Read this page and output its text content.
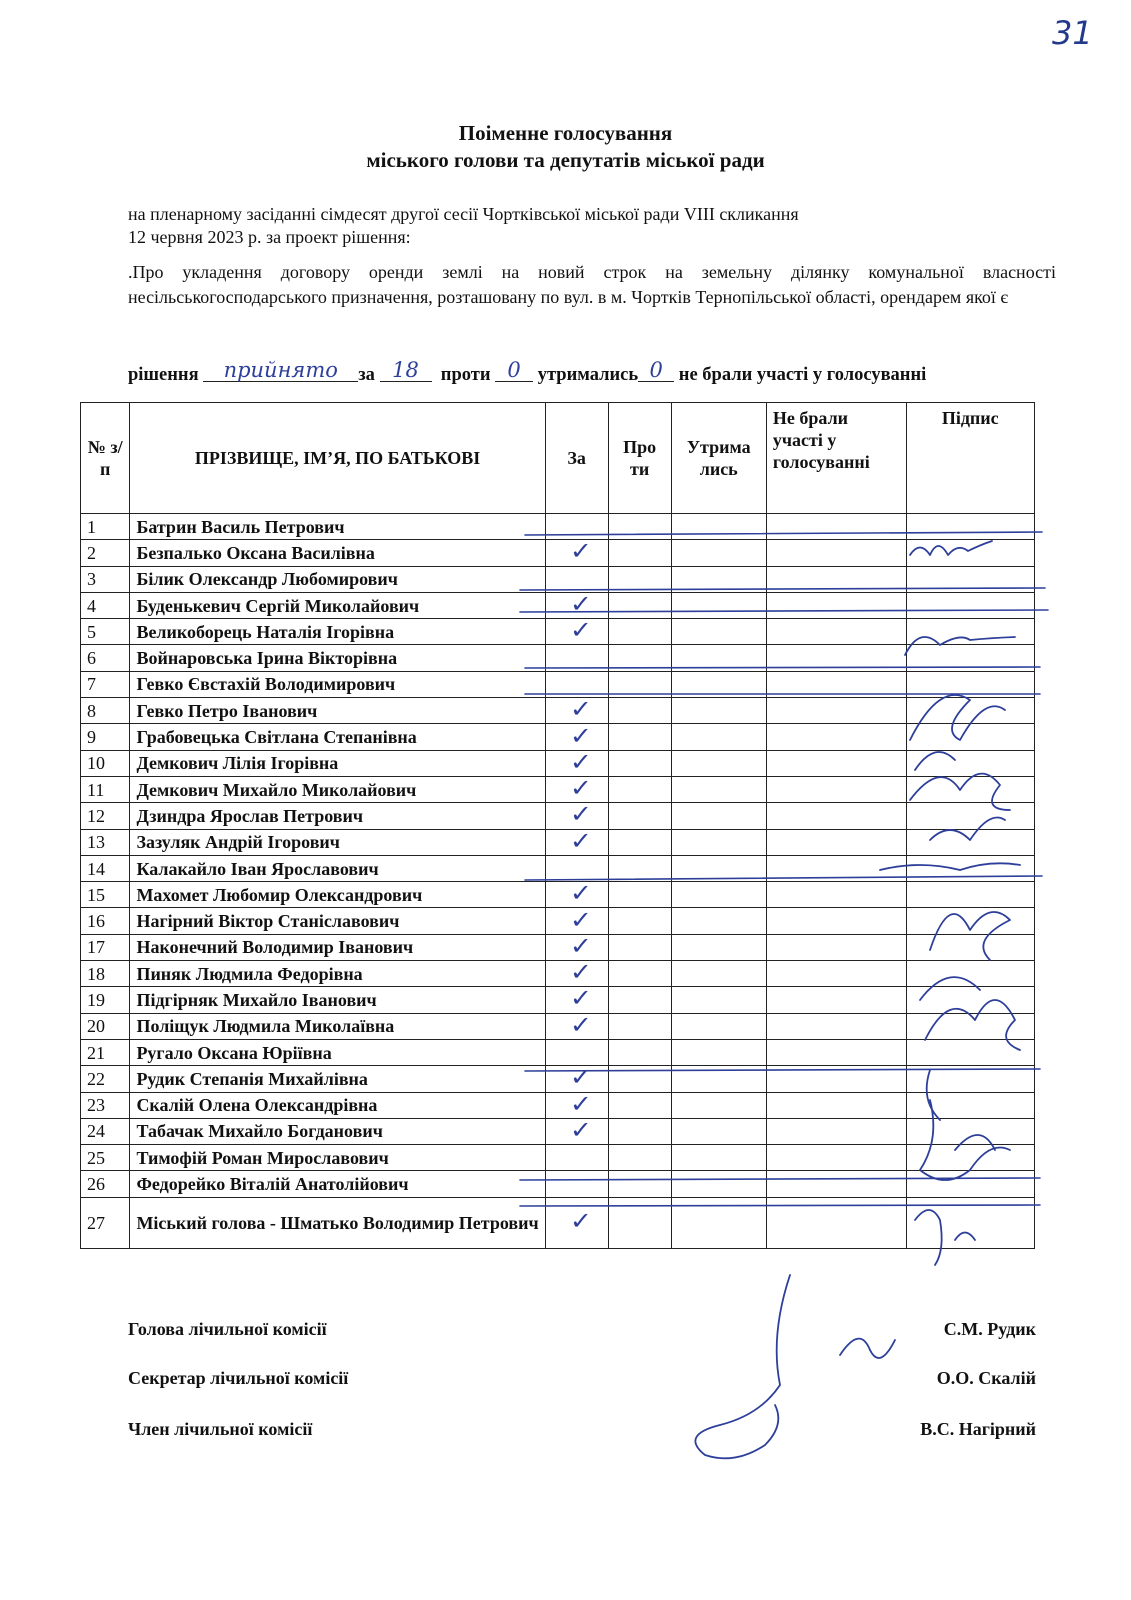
31
Поіменне голосування
міського голови та депутатів міської ради
на пленарному засіданні сімдесят другої сесії Чортківської міської ради VIII скликання
12 червня 2023 р. за проект рішення:
.Про укладення договору оренди землі на новий строк на земельну ділянку комунальної власності несільськогосподарського призначення, розташовану по вул. в м. Чортків Тернопільської області, орендарем якої є
рішення прийнято за 18 проти 0 утримались 0 не брали участі у голосуванні
№ з/п	ПРІЗВИЩЕ, ІМ’Я, ПО БАТЬКОВІ	За	Про ти	Утрима лись	Не брали участі у голосуванні	Підпис
1	Батрин Василь Петрович					
2	Безпалько Оксана Василівна	✓				
3	Білик Олександр Любомирович					
4	Буденькевич Сергій Миколайович	✓				
5	Великоборець Наталія Ігорівна	✓				
6	Войнаровська Ірина Вікторівна					
7	Гевко Євстахій Володимирович					
8	Гевко Петро Іванович	✓				
9	Грабовецька Світлана Степанівна	✓				
10	Демкович Лілія Ігорівна	✓				
11	Демкович Михайло Миколайович	✓				
12	Дзиндра Ярослав Петрович	✓				
13	Зазуляк Андрій Ігорович	✓				
14	Калакайло Іван Ярославович					
15	Махомет Любомир Олександрович	✓				
16	Нагірний Віктор Станіславович	✓				
17	Наконечний Володимир Іванович	✓				
18	Пиняк Людмила Федорівна	✓				
19	Підгірняк Михайло Іванович	✓				
20	Поліщук Людмила Миколаївна	✓				
21	Ругало Оксана Юріївна					
22	Рудик Степанія Михайлівна	✓				
23	Скалій Олена Олександрівна	✓				
24	Табачак Михайло Богданович	✓				
25	Тимофій Роман Мирославович					
26	Федорейко Віталій Анатолійович					
27	Міський голова - Шматько Володимир Петрович	✓				
Голова лічильної комісії	С.М. Рудик
Секретар лічильної комісії	О.О. Скалій
Член лічильної комісії	В.С. Нагірний
